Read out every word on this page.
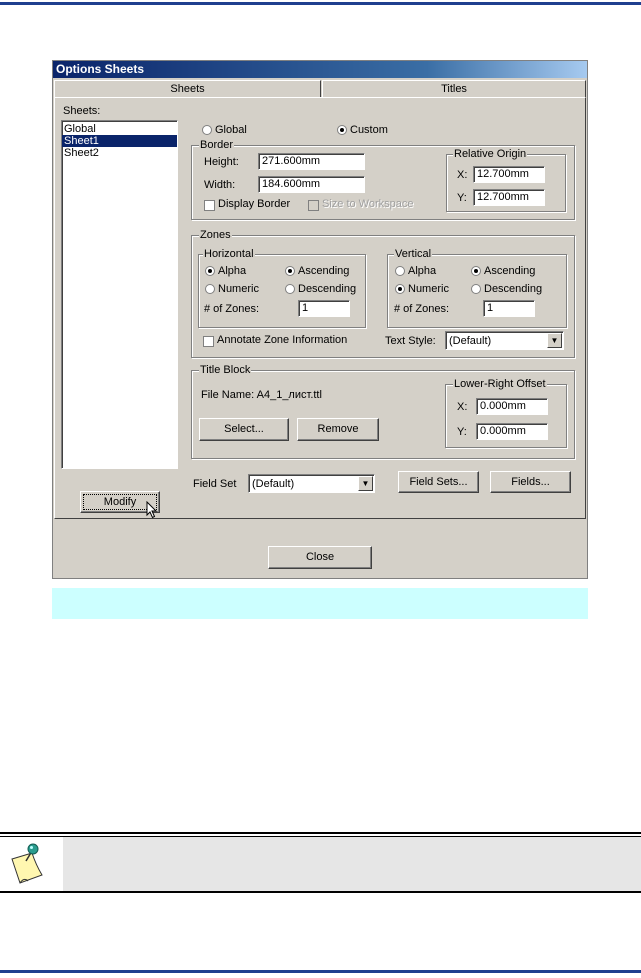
Options Sheets
Sheets	Titles
Sheets:
Global
Sheet1
Sheet2
Global	Custom
Border
Height:	271.600mm
Width:	184.600mm
Display Border	Size to Workspace
Relative Origin
X: 12.700mm
Y: 12.700mm
Zones
Horizontal
Alpha	Ascending
Numeric	Descending
# of Zones:	1
Vertical
Alpha	Ascending
Numeric	Descending
# of Zones:	1
Annotate Zone Information	Text Style: (Default)	▼
Title Block
File Name: A4_1_лист.ttl
Select...	Remove
Lower-Right Offset
X:	0.000mm
Y:	0.000mm
Field Set (Default)	▼	Field Sets...	Fields...
Modify
Close
